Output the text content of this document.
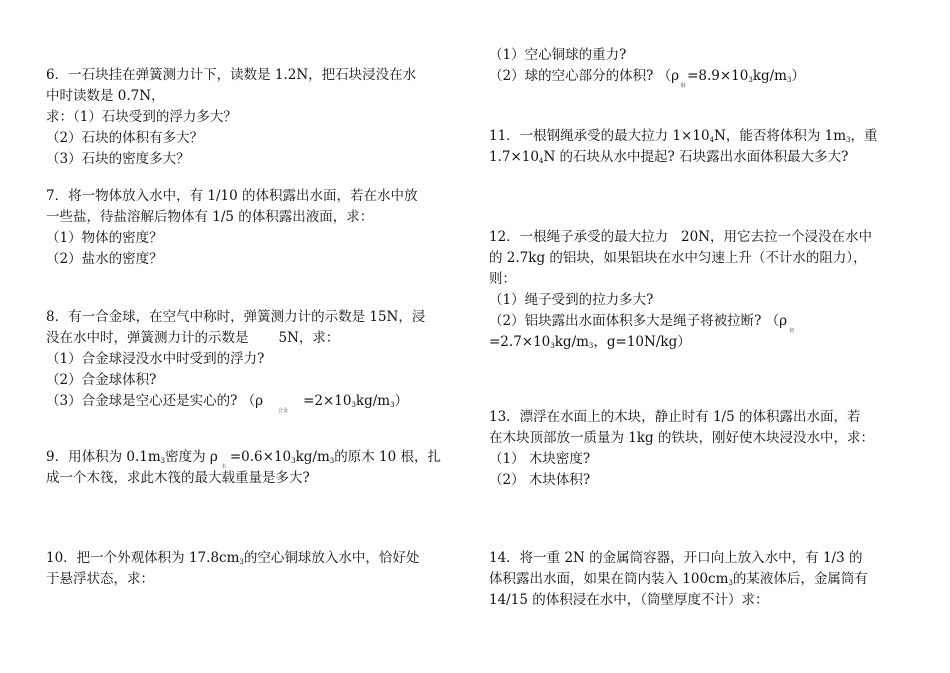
6．一石块挂在弹簧测力计下，读数是 1.2N，把石块浸没在水
中时读数是 0.7N，
求：（1）石块受到的浮力多大？
（2）石块的体积有多大？
（3）石块的密度多大？
7．将一物体放入水中，有 1/10 的体积露出水面，若在水中放
一些盐，待盐溶解后物体有 1/5 的体积露出液面，求：
（1）物体的密度？
（2）盐水的密度？
8．有一合金球，在空气中称时，弹簧测力计的示数是 15N，浸
没在水中时，弹簧测力计的示数是 5N，求：
（1）合金球浸没水中时受到的浮力?
（2）合金球体积?
（3）合金球是空心还是实心的? （ρ合金$=2\times 10_3kg/m_3$）
9．用体积为 $0.1m_3$密度为 ρ木$=0.6\times 10_3kg/m_3$的原木 10 根，扎
成一个木筏，求此木筏的最大载重量是多大?
10．把一个外观体积为 $17.8cm_3$的空心铜球放入水中，恰好处
于悬浮状态，求：
（1）空心铜球的重力?
（2）球的空心部分的体积? （ρ铜$=8.9\times 10_3kg/m_3$）
11．一根钢绳承受的最大拉力 $1\times 10_4N$，能否将体积为 $1m_3$，重
$1.7\times 10_4N$ 的石块从水中提起? 石块露出水面体积最大多大?
12．一根绳子承受的最大拉力   20N，用它去拉一个浸没在水中
的 2.7kg 的铝块，如果铝块在水中匀速上升（不计水的阻力），
则：
（1）绳子受到的拉力多大?
（2）铝块露出水面体积多大是绳子将被拉断? （ρ铝
$=2.7\times 10_3kg/m_3$，g=10N/kg）
13．漂浮在水面上的木块，静止时有 1/5 的体积露出水面，若
在木块顶部放一质量为 1kg 的铁块，刚好使木块浸没水中，求：
（1） 木块密度?
（2） 木块体积?
14．将一重 2N 的金属筒容器，开口向上放入水中，有 1/3 的
体积露出水面，如果在筒内装入 $100cm_3$的某液体后，金属筒有
14/15 的体积浸在水中，（筒壁厚度不计）求：
